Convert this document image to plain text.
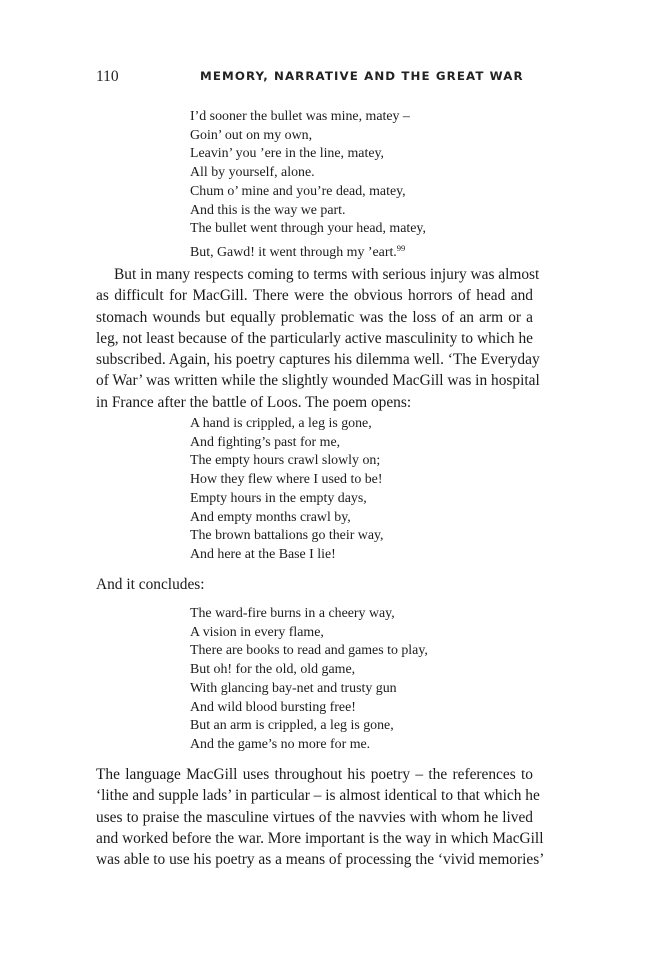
110	MEMORY, NARRATIVE AND THE GREAT WAR
I’d sooner the bullet was mine, matey –
Goin’ out on my own,
Leavin’ you ’ere in the line, matey,
All by yourself, alone.
Chum o’ mine and you’re dead, matey,
And this is the way we part.
The bullet went through your head, matey,
But, Gawd! it went through my ’eart.$^{99}$

But in many respects coming to terms with serious injury was almost
as difficult for MacGill. There were the obvious horrors of head and
stomach wounds but equally problematic was the loss of an arm or a
leg, not least because of the particularly active masculinity to which he
subscribed. Again, his poetry captures his dilemma well. ‘The Everyday
of War’ was written while the slightly wounded MacGill was in hospital
in France after the battle of Loos. The poem opens:

A hand is crippled, a leg is gone,
And fighting’s past for me,
The empty hours crawl slowly on;
How they flew where I used to be!
Empty hours in the empty days,
And empty months crawl by,
The brown battalions go their way,
And here at the Base I lie!

And it concludes:

The ward-fire burns in a cheery way,
A vision in every flame,
There are books to read and games to play,
But oh! for the old, old game,
With glancing bay-net and trusty gun
And wild blood bursting free!
But an arm is crippled, a leg is gone,
And the game’s no more for me.

The language MacGill uses throughout his poetry – the references to
‘lithe and supple lads’ in particular – is almost identical to that which he
uses to praise the masculine virtues of the navvies with whom he lived
and worked before the war. More important is the way in which MacGill
was able to use his poetry as a means of processing the ‘vivid memories’
